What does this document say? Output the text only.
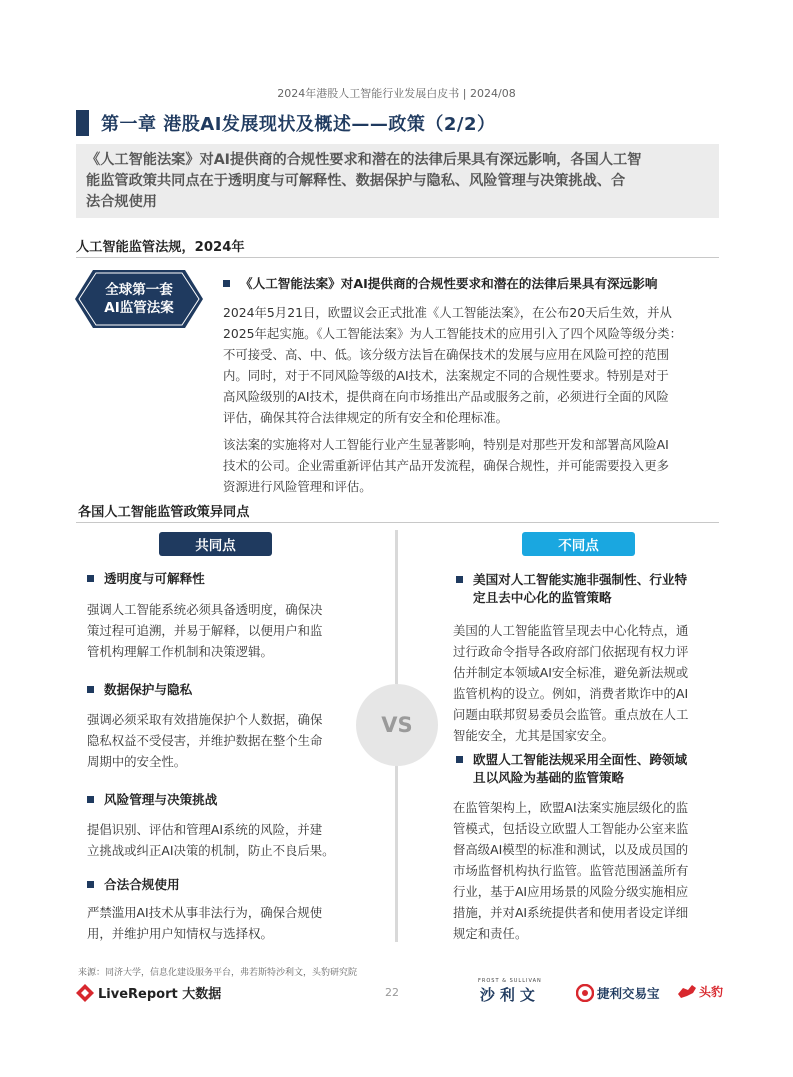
2024年港股人工智能行业发展白皮书 | 2024/08
第一章 港股AI发展现状及概述——政策（2/2）
《人工智能法案》对AI提供商的合规性要求和潜在的法律后果具有深远影响，各国人工智
能监管政策共同点在于透明度与可解释性、数据保护与隐私、风险管理与决策挑战、合
法合规使用
人工智能监管法规，2024年
全球第一套
AI监管法案
《人工智能法案》对AI提供商的合规性要求和潜在的法律后果具有深远影响
2024年5月21日，欧盟议会正式批准《人工智能法案》，在公布20天后生效，并从
2025年起实施。《人工智能法案》为人工智能技术的应用引入了四个风险等级分类：
不可接受、高、中、低。该分级方法旨在确保技术的发展与应用在风险可控的范围
内。同时，对于不同风险等级的AI技术，法案规定不同的合规性要求。特别是对于
高风险级别的AI技术，提供商在向市场推出产品或服务之前，必须进行全面的风险
评估，确保其符合法律规定的所有安全和伦理标准。
该法案的实施将对人工智能行业产生显著影响，特别是对那些开发和部署高风险AI
技术的公司。企业需重新评估其产品开发流程，确保合规性，并可能需要投入更多
资源进行风险管理和评估。
各国人工智能监管政策异同点
共同点	不同点
VS
透明度与可解释性
强调人工智能系统必须具备透明度，确保决
策过程可追溯，并易于解释，以便用户和监
管机构理解工作机制和决策逻辑。
数据保护与隐私
强调必须采取有效措施保护个人数据，确保
隐私权益不受侵害，并维护数据在整个生命
周期中的安全性。
风险管理与决策挑战
提倡识别、评估和管理AI系统的风险，并建
立挑战或纠正AI决策的机制，防止不良后果。
合法合规使用
严禁滥用AI技术从事非法行为，确保合规使
用，并维护用户知情权与选择权。
美国对人工智能实施非强制性、行业特
定且去中心化的监管策略
美国的人工智能监管呈现去中心化特点，通
过行政命令指导各政府部门依据现有权力评
估并制定本领域AI安全标准，避免新法规或
监管机构的设立。例如，消费者欺诈中的AI
问题由联邦贸易委员会监管。重点放在人工
智能安全，尤其是国家安全。
欧盟人工智能法规采用全面性、跨领域
且以风险为基础的监管策略
在监管架构上，欧盟AI法案实施层级化的监
管模式，包括设立欧盟人工智能办公室来监
督高级AI模型的标准和测试，以及成员国的
市场监督机构执行监管。监管范围涵盖所有
行业，基于AI应用场景的风险分级实施相应
措施，并对AI系统提供者和使用者设定详细
规定和责任。
来源：同济大学，信息化建设服务平台，弗若斯特沙利文，头豹研究院
22
LiveReport 大数据
FROST & SULLIVAN
沙利文	捷利交易宝	头豹
